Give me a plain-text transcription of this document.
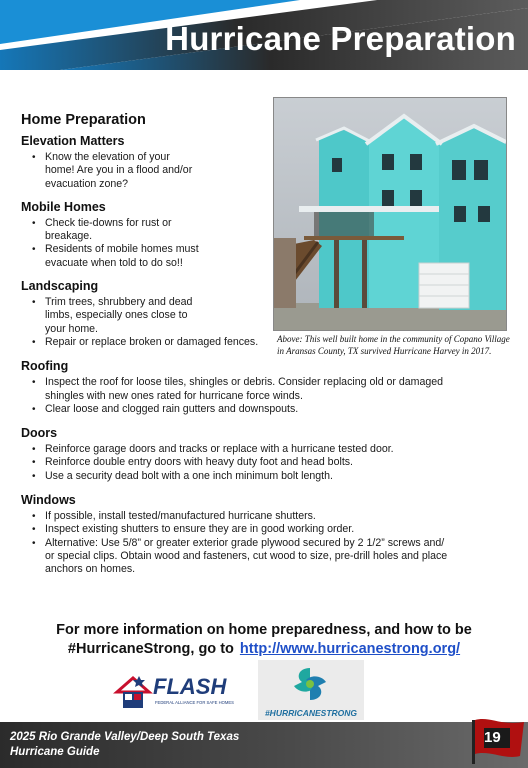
Hurricane Preparation
Home Preparation
Elevation Matters
• Know the elevation of your home! Are you in a flood and/or evacuation zone?
Mobile Homes
• Check tie-downs for rust or breakage.
• Residents of mobile homes must evacuate when told to do so!!
Landscaping
• Trim trees, shrubbery and dead limbs, especially ones close to your home.
• Repair or replace broken or damaged fences.
Roofing
• Inspect the roof for loose tiles, shingles or debris. Consider replacing old or damaged shingles with new ones rated for hurricane force winds.
• Clear loose and clogged rain gutters and downspouts.
Doors
• Reinforce garage doors and tracks or replace with a hurricane tested door.
• Reinforce double entry doors with heavy duty foot and head bolts.
• Use a security dead bolt with a one inch minimum bolt length.
Windows
• If possible, install tested/manufactured hurricane shutters.
• Inspect existing shutters to ensure they are in good working order.
• Alternative: Use 5/8” or greater exterior grade plywood secured by 2 1/2” screws and/ or special clips. Obtain wood and fasteners, cut wood to size, pre-drill holes and place anchors on homes.
Above: This well built home in the community of Copano Village in Aransas County, TX survived Hurricane Harvey in 2017.
For more information on home preparedness, and how to be
#HurricaneStrong, go to http://www.hurricanestrong.org/
FLASH
FEDERAL ALLIANCE FOR SAFE HOMES
#HURRICANESTRONG
2025 Rio Grande Valley/Deep South Texas
Hurricane Guide
19
